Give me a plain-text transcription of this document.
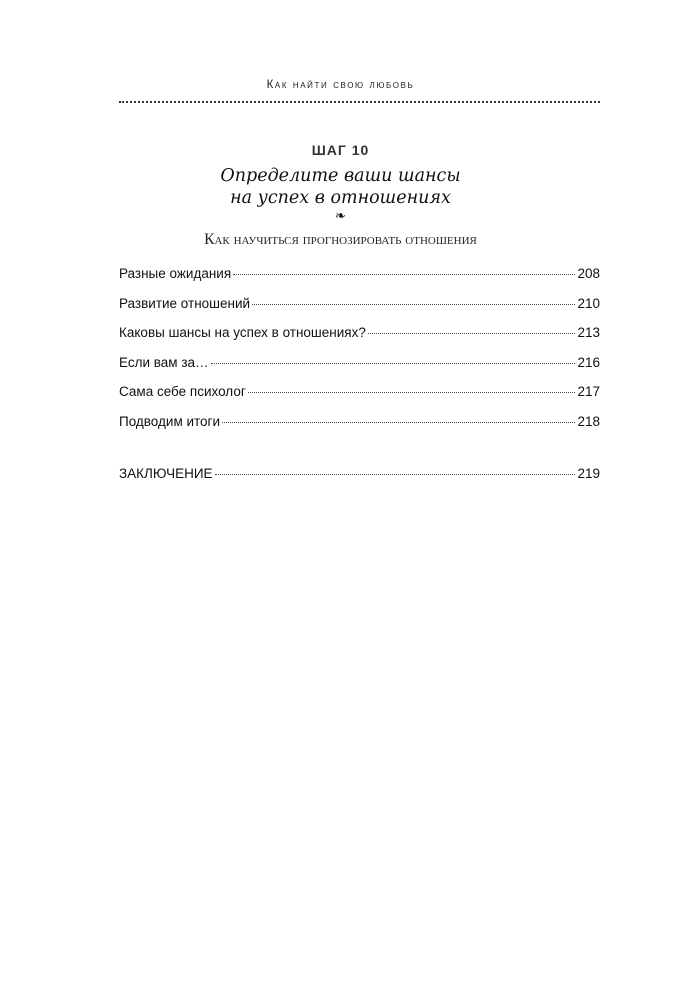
Как найти свою любовь
ШАГ 10
Определите ваши шансы
на успех в отношениях
❧
Как научиться прогнозировать отношения
Разные ожидания	208
Развитие отношений	210
Каковы шансы на успех в отношениях?	213
Если вам за…	216
Сама себе психолог	217
Подводим итоги	218
ЗАКЛЮЧЕНИЕ	219
